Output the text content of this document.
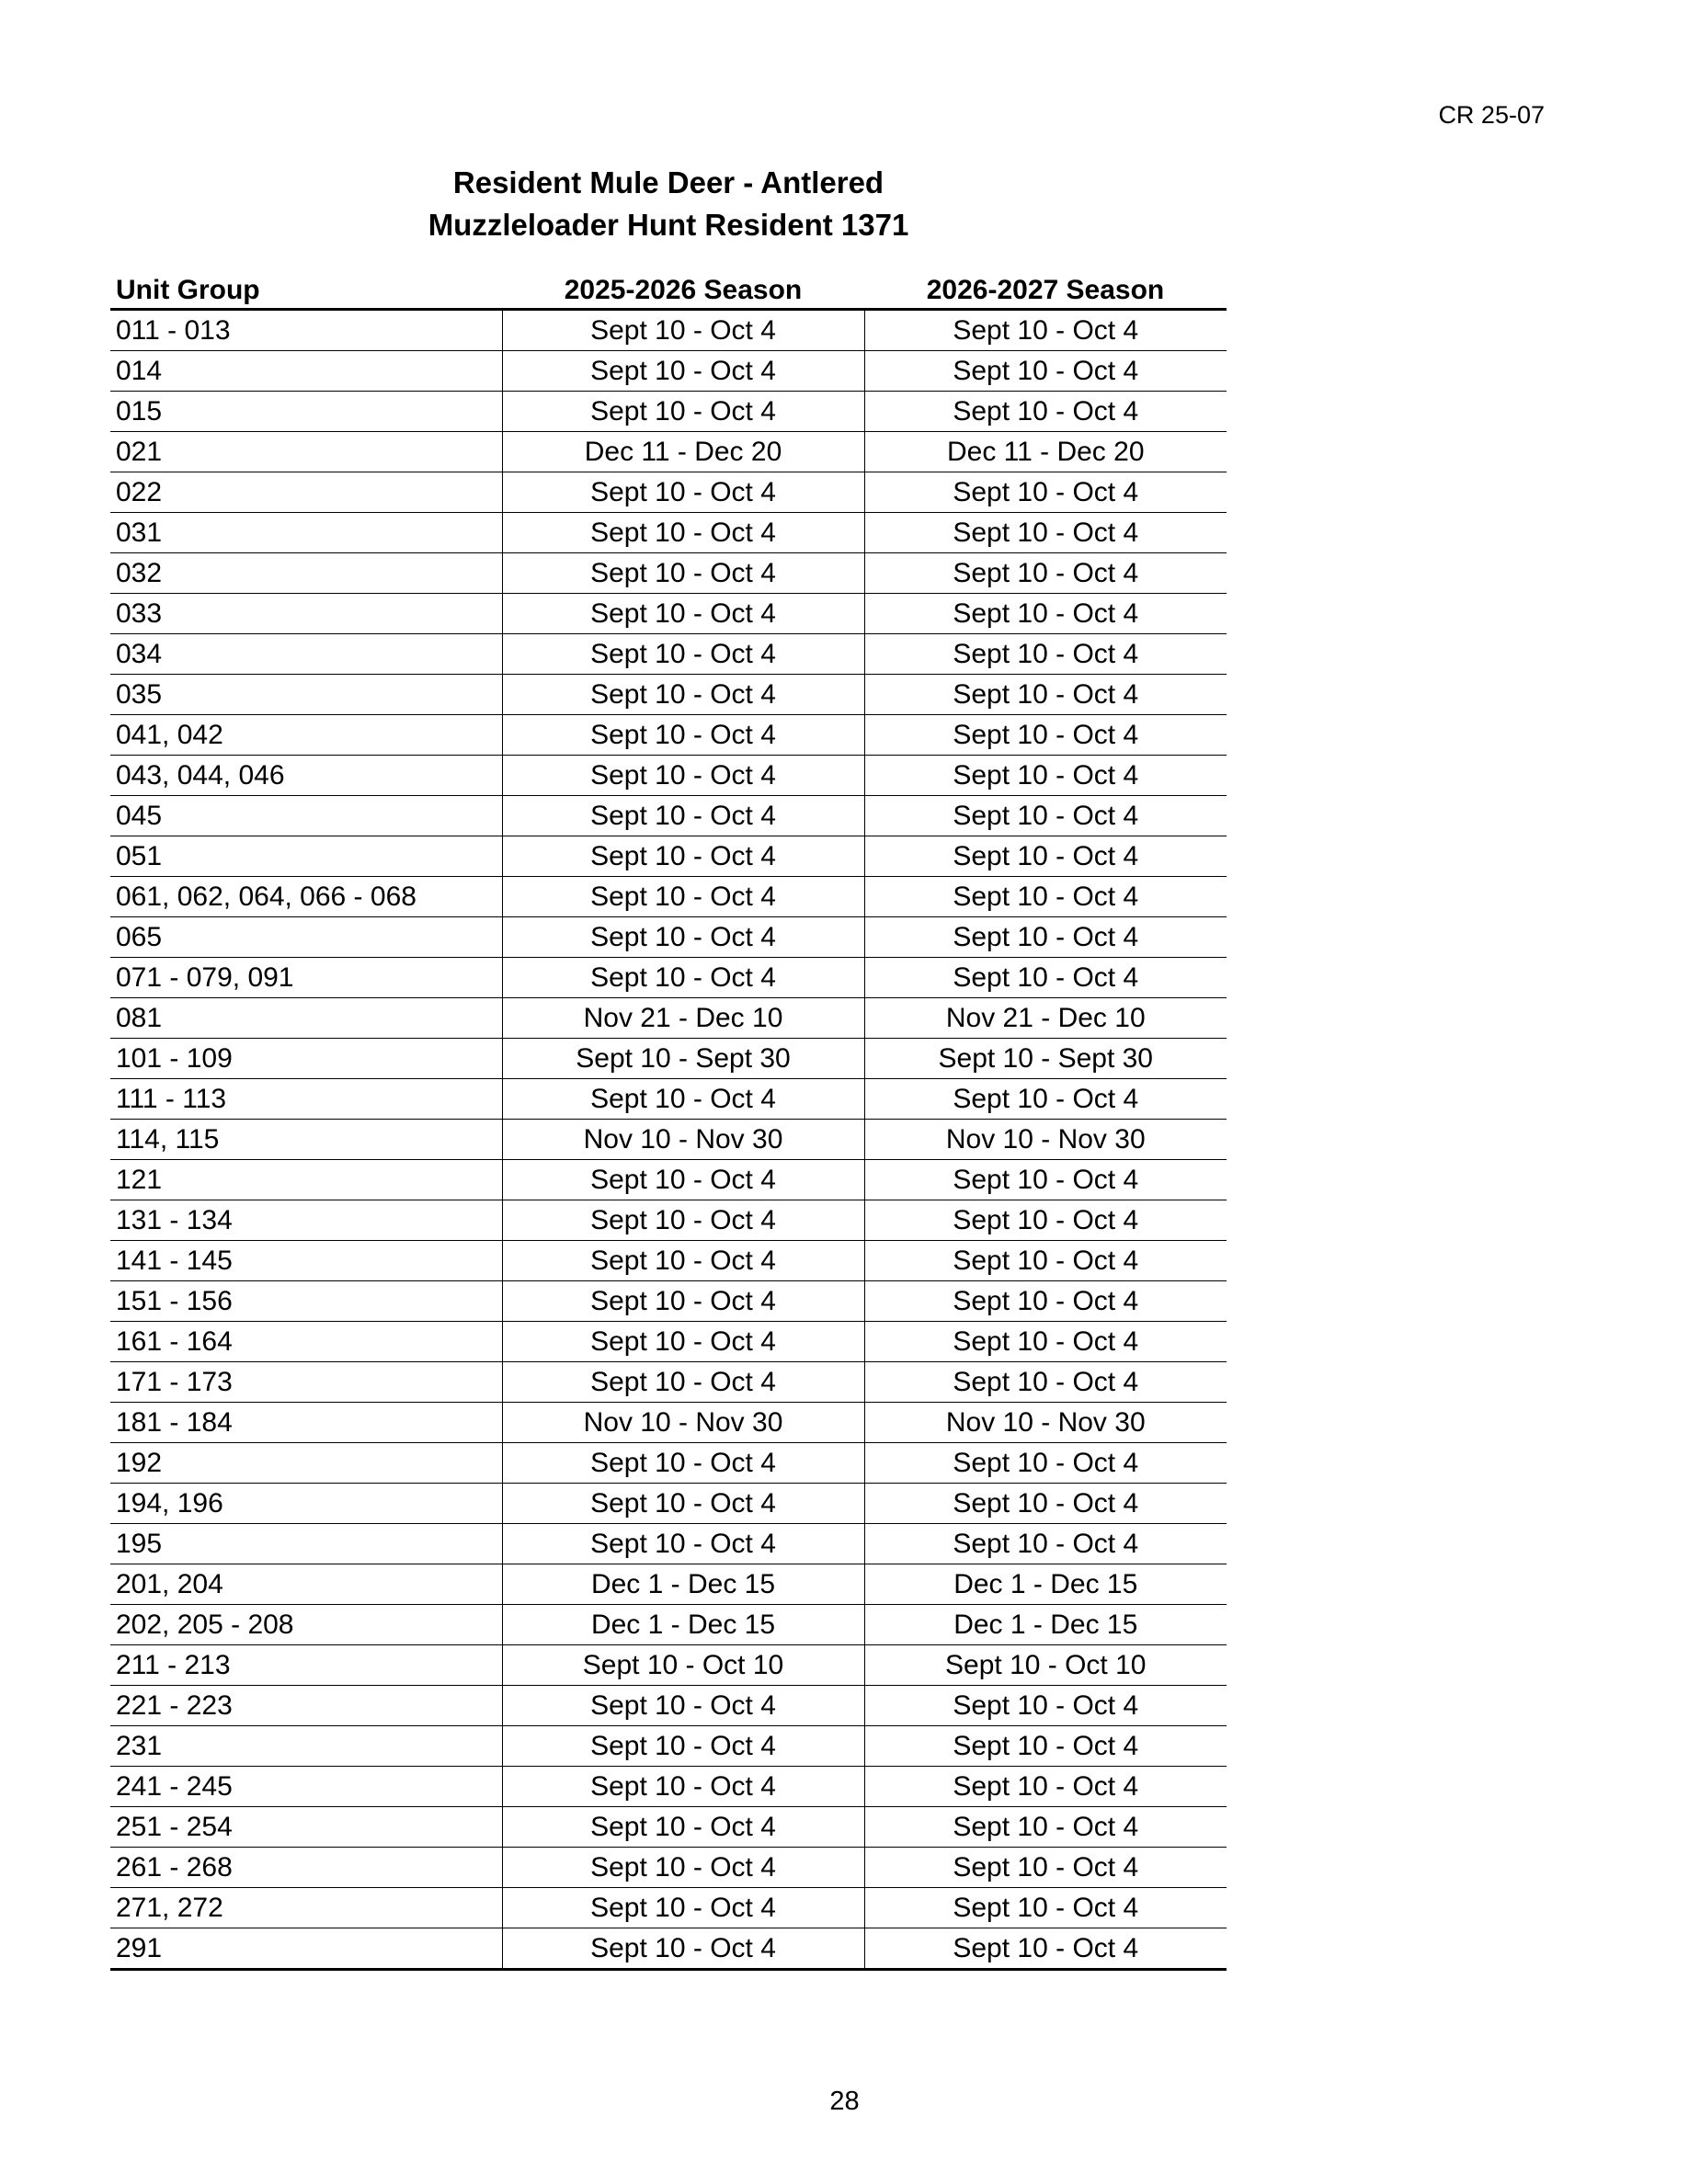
CR 25-07
Resident Mule Deer - Antlered
Muzzleloader Hunt Resident 1371
Unit Group	2025-2026 Season	2026-2027 Season
011 - 013	Sept 10 - Oct 4	Sept 10 - Oct 4
014	Sept 10 - Oct 4	Sept 10 - Oct 4
015	Sept 10 - Oct 4	Sept 10 - Oct 4
021	Dec 11 - Dec 20	Dec 11 - Dec 20
022	Sept 10 - Oct 4	Sept 10 - Oct 4
031	Sept 10 - Oct 4	Sept 10 - Oct 4
032	Sept 10 - Oct 4	Sept 10 - Oct 4
033	Sept 10 - Oct 4	Sept 10 - Oct 4
034	Sept 10 - Oct 4	Sept 10 - Oct 4
035	Sept 10 - Oct 4	Sept 10 - Oct 4
041, 042	Sept 10 - Oct 4	Sept 10 - Oct 4
043, 044, 046	Sept 10 - Oct 4	Sept 10 - Oct 4
045	Sept 10 - Oct 4	Sept 10 - Oct 4
051	Sept 10 - Oct 4	Sept 10 - Oct 4
061, 062, 064, 066 - 068	Sept 10 - Oct 4	Sept 10 - Oct 4
065	Sept 10 - Oct 4	Sept 10 - Oct 4
071 - 079, 091	Sept 10 - Oct 4	Sept 10 - Oct 4
081	Nov 21 - Dec 10	Nov 21 - Dec 10
101 - 109	Sept 10 - Sept 30	Sept 10 - Sept 30
111 - 113	Sept 10 - Oct 4	Sept 10 - Oct 4
114, 115	Nov 10 - Nov 30	Nov 10 - Nov 30
121	Sept 10 - Oct 4	Sept 10 - Oct 4
131 - 134	Sept 10 - Oct 4	Sept 10 - Oct 4
141 - 145	Sept 10 - Oct 4	Sept 10 - Oct 4
151 - 156	Sept 10 - Oct 4	Sept 10 - Oct 4
161 - 164	Sept 10 - Oct 4	Sept 10 - Oct 4
171 - 173	Sept 10 - Oct 4	Sept 10 - Oct 4
181 - 184	Nov 10 - Nov 30	Nov 10 - Nov 30
192	Sept 10 - Oct 4	Sept 10 - Oct 4
194, 196	Sept 10 - Oct 4	Sept 10 - Oct 4
195	Sept 10 - Oct 4	Sept 10 - Oct 4
201, 204	Dec 1 - Dec 15	Dec 1 - Dec 15
202, 205 - 208	Dec 1 - Dec 15	Dec 1 - Dec 15
211 - 213	Sept 10 - Oct 10	Sept 10 - Oct 10
221 - 223	Sept 10 - Oct 4	Sept 10 - Oct 4
231	Sept 10 - Oct 4	Sept 10 - Oct 4
241 - 245	Sept 10 - Oct 4	Sept 10 - Oct 4
251 - 254	Sept 10 - Oct 4	Sept 10 - Oct 4
261 - 268	Sept 10 - Oct 4	Sept 10 - Oct 4
271, 272	Sept 10 - Oct 4	Sept 10 - Oct 4
291	Sept 10 - Oct 4	Sept 10 - Oct 4
28
